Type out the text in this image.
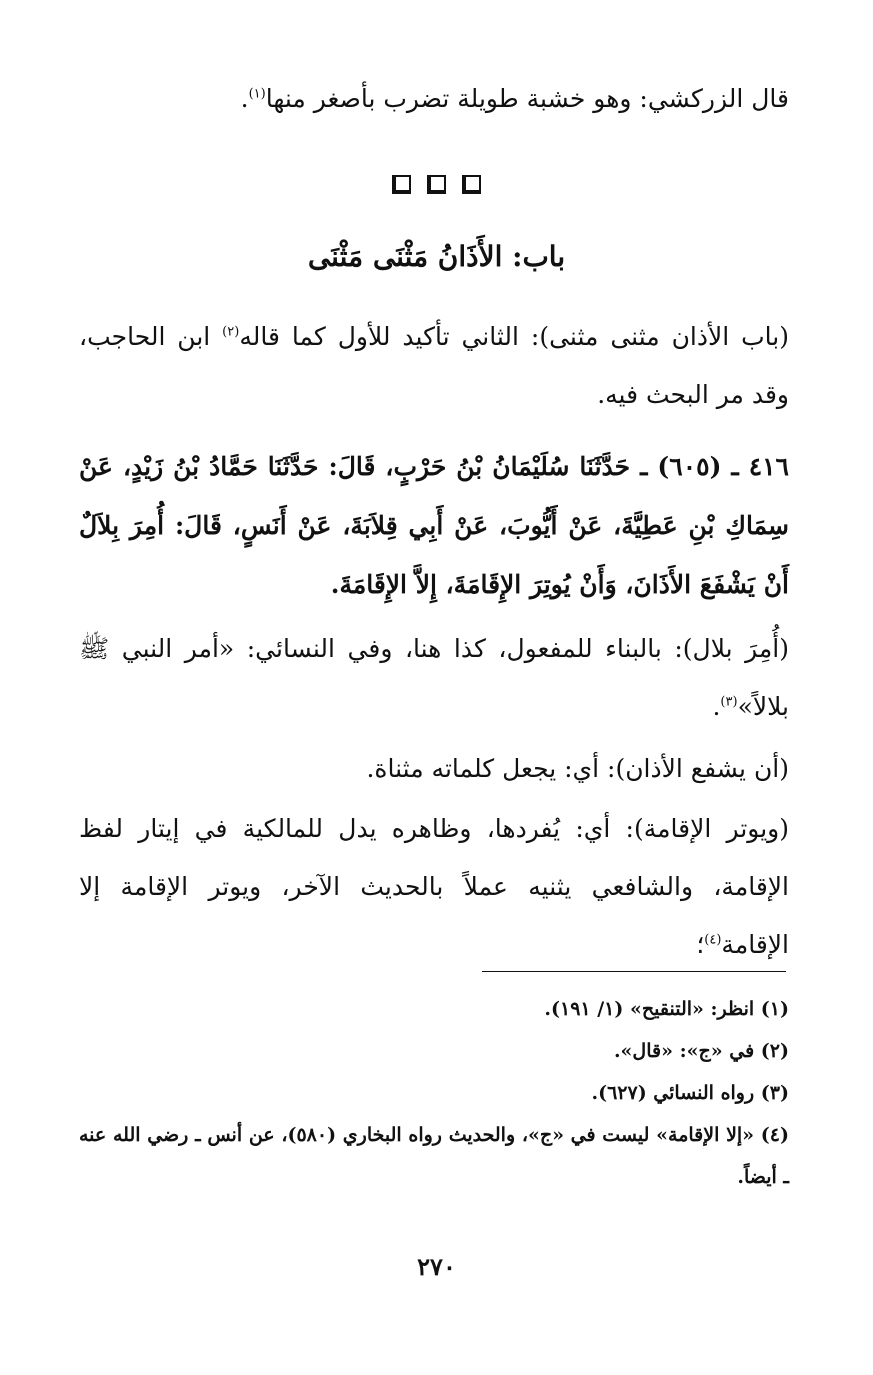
قال الزركشي: وهو خشبة طويلة تضرب بأصغر منها$^{(١)}$.

باب: الأَذَانُ مَثْنَى مَثْنَى

(باب الأذان مثنى مثنى): الثاني تأكيد للأول كما قاله$^{(٢)}$ ابن الحاجب، وقد مر البحث فيه.

٤١٦ ـ (٦٠٥) ـ حَدَّثَنَا سُلَيْمَانُ بْنُ حَرْبٍ، قَالَ: حَدَّثَنَا حَمَّادُ بْنُ زَيْدٍ، عَنْ سِمَاكِ بْنِ عَطِيَّةَ، عَنْ أَيُّوبَ، عَنْ أَبِي قِلاَبَةَ، عَنْ أَنَسٍ، قَالَ: أُمِرَ بِلاَلٌ أَنْ يَشْفَعَ الأَذَانَ، وَأَنْ يُوتِرَ الإِقَامَةَ، إِلاَّ الإِقَامَةَ.

(أُمِرَ بلال): بالبناء للمفعول، كذا هنا، وفي النسائي: «أمر النبي ﷺ بلالاً»$^{(٣)}$.

(أن يشفع الأذان): أي: يجعل كلماته مثناة.

(ويوتر الإقامة): أي: يُفردها، وظاهره يدل للمالكية في إيتار لفظ الإقامة، والشافعي يثنيه عملاً بالحديث الآخر، ويوتر الإقامة إلا الإقامة$^{(٤)}$؛

(١) انظر: «التنقيح» (١/ ١٩١).

(٢) في «ج»: «قال».

(٣) رواه النسائي (٦٢٧).

(٤) «إلا الإقامة» ليست في «ج»، والحديث رواه البخاري (٥٨٠)، عن أنس ـ رضي الله عنه ـ أيضاً.

٢٧٠
